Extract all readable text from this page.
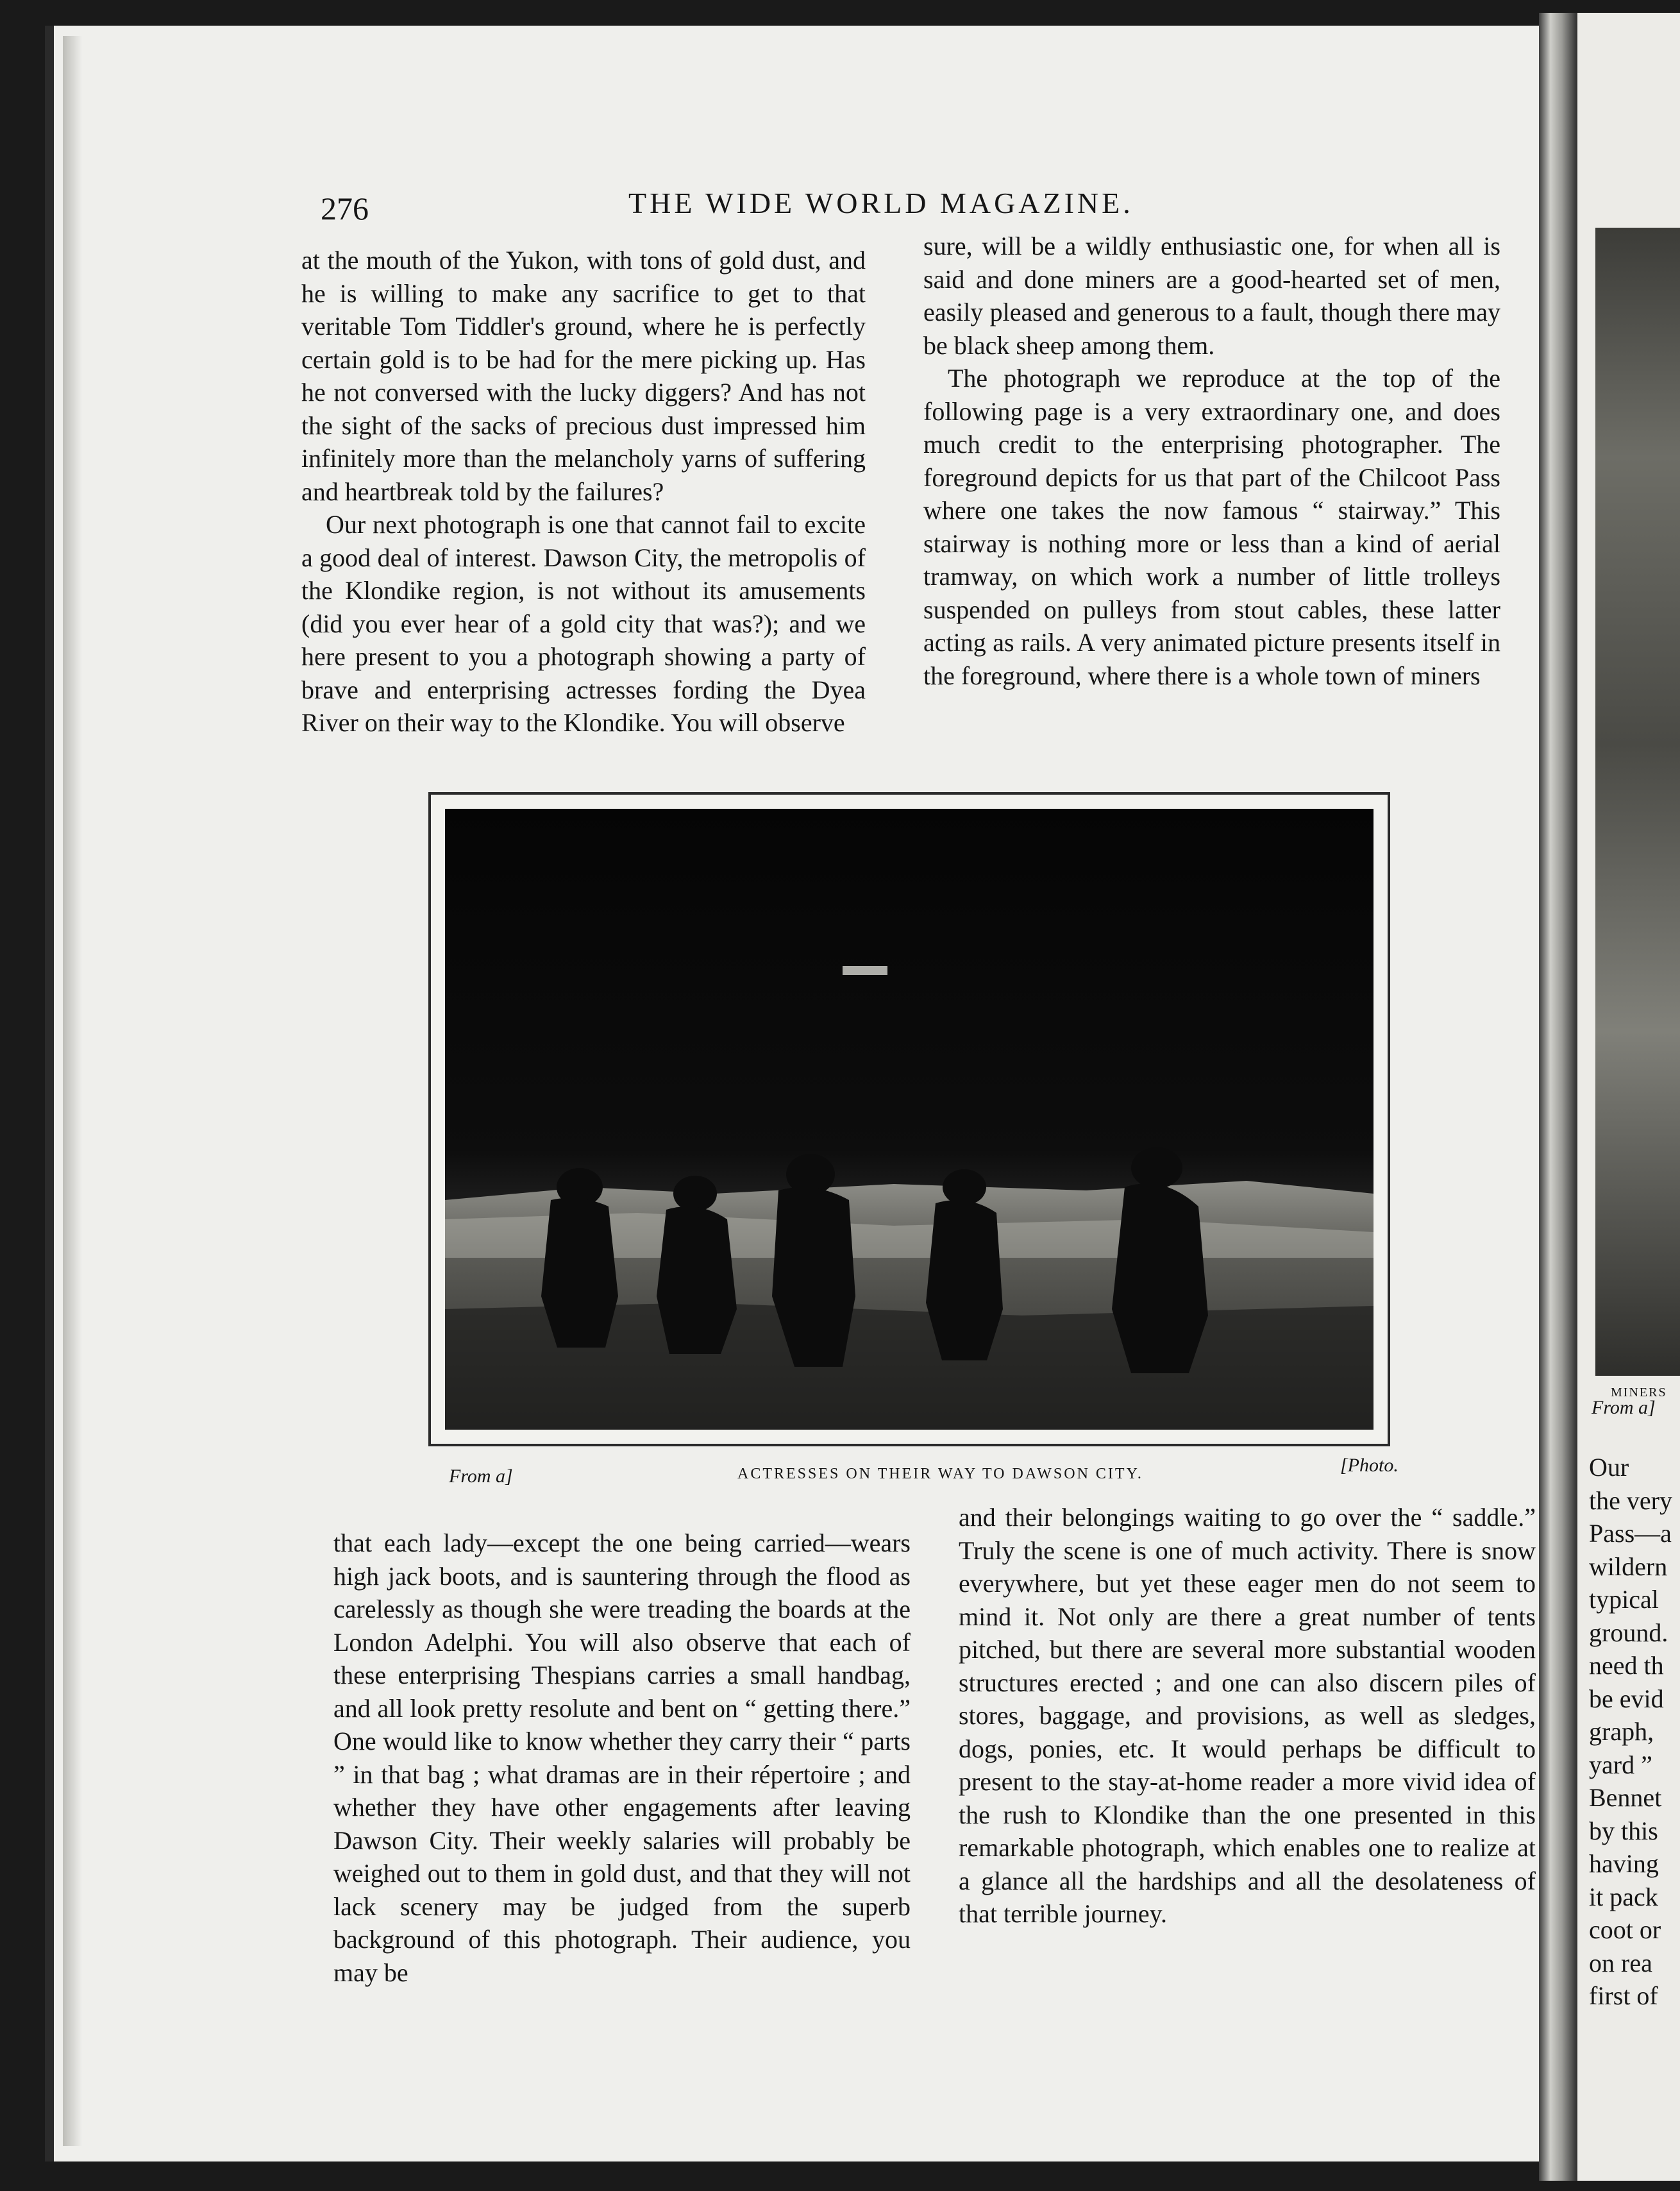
276	THE WIDE WORLD MAGAZINE.

at the mouth of the Yukon, with tons of gold dust, and he is willing to make any sacrifice to get to that veritable Tom Tiddler's ground, where he is perfectly certain gold is to be had for the mere picking up. Has he not conversed with the lucky diggers? And has not the sight of the sacks of precious dust impressed him infinitely more than the melancholy yarns of suffering and heartbreak told by the failures?

Our next photograph is one that cannot fail to excite a good deal of interest. Dawson City, the metropolis of the Klondike region, is not without its amusements (did you ever hear of a gold city that was?); and we here present to you a photograph showing a party of brave and enterprising actresses fording the Dyea River on their way to the Klondike. You will observe

sure, will be a wildly enthusiastic one, for when all is said and done miners are a good-hearted set of men, easily pleased and generous to a fault, though there may be black sheep among them.

The photograph we reproduce at the top of the following page is a very extraordinary one, and does much credit to the enterprising photographer. The foreground depicts for us that part of the Chilcoot Pass where one takes the now famous “ stairway.” This stairway is nothing more or less than a kind of aerial tramway, on which work a number of little trolleys suspended on pulleys from stout cables, these latter acting as rails. A very animated picture presents itself in the foreground, where there is a whole town of miners

From a]	ACTRESSES ON THEIR WAY TO DAWSON CITY.	[Photo.

that each lady—except the one being carried—wears high jack boots, and is sauntering through the flood as carelessly as though she were treading the boards at the London Adelphi. You will also observe that each of these enterprising Thespians carries a small handbag, and all look pretty resolute and bent on “ getting there.” One would like to know whether they carry their “ parts ” in that bag ; what dramas are in their répertoire ; and whether they have other engagements after leaving Dawson City. Their weekly salaries will probably be weighed out to them in gold dust, and that they will not lack scenery may be judged from the superb background of this photograph. Their audience, you may be

and their belongings waiting to go over the “ saddle.” Truly the scene is one of much activity. There is snow everywhere, but yet these eager men do not seem to mind it. Not only are there a great number of tents pitched, but there are several more substantial wooden structures erected ; and one can also discern piles of stores, baggage, and provisions, as well as sledges, dogs, ponies, etc. It would perhaps be difficult to present to the stay-at-home reader a more vivid idea of the rush to Klondike than the one presented in this remarkable photograph, which enables one to realize at a glance all the hardships and all the desolateness of that terrible journey.

MINERS
From a]
Our
the very
Pass—a
wildern
typical
ground.
need th
be evid
graph,
yard ”
Bennet
by this
having
it pack
coot or
on rea
first of
